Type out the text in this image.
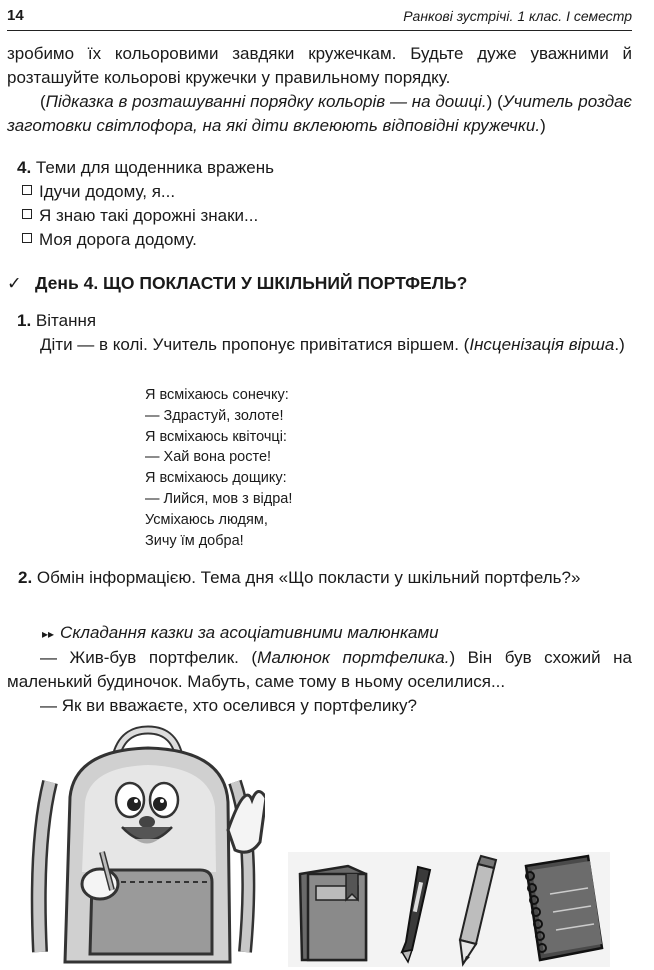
14	Ранкові зустрічі. 1 клас. I семестр
зробимо їх кольоровими завдяки кружечкам. Будьте дуже уважними й розташуйте кольорові кружечки у правильному порядку.
(Підказка в розташуванні порядку кольорів — на дошці.) (Учитель роздає заготовки світлофора, на які діти вклеюють відповідні кружечки.)
4. Теми для щоденника вражень
Ідучи додому, я...
Я знаю такі дорожні знаки...
Моя дорога додому.
✓ День 4. ЩО ПОКЛАСТИ У ШКІЛЬНИЙ ПОРТФЕЛЬ?
1. Вітання
Діти — в колі. Учитель пропонує привітатися віршем. (Інсценізація вірша.)
Я всміхаюсь сонечку:
— Здрастуй, золоте!
Я всміхаюсь квіточці:
— Хай вона росте!
Я всміхаюсь дощику:
— Лийся, мов з відра!
Усміхаюсь людям,
Зичу їм добра!
2. Обмін інформацією. Тема дня «Що покласти у шкільний портфель?»
▸▸ Складання казки за асоціативними малюнками
— Жив-був портфелик. (Малюнок портфелика.) Він був схожий на маленький будиночок. Мабуть, саме тому в ньому оселилися...
— Як ви вважаєте, хто оселився у портфелику?
